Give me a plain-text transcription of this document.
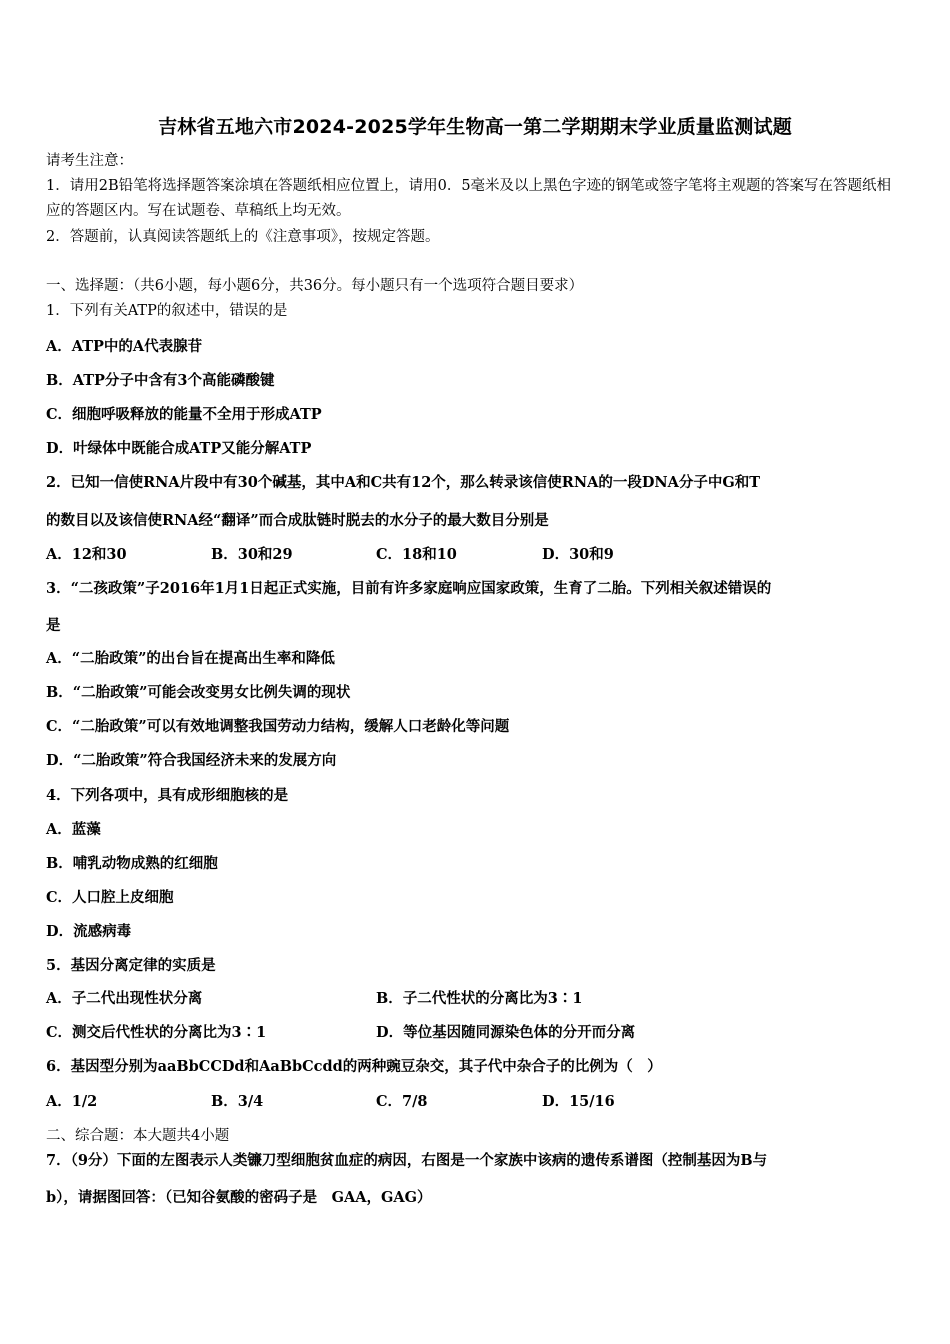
吉林省五地六市2024-2025学年生物高一第二学期期末学业质量监测试题
请考生注意：
1．请用2B铅笔将选择题答案涂填在答题纸相应位置上，请用0．5毫米及以上黑色字迹的钢笔或签字笔将主观题的答案写在答题纸相应的答题区内。写在试题卷、草稿纸上均无效。
2．答题前，认真阅读答题纸上的《注意事项》，按规定答题。
一、选择题：（共6小题，每小题6分，共36分。每小题只有一个选项符合题目要求）
1．下列有关ATP的叙述中，错误的是
A．ATP中的A代表腺苷
B．ATP分子中含有3个高能磷酸键
C．细胞呼吸释放的能量不全用于形成ATP
D．叶绿体中既能合成ATP又能分解ATP
2．已知一信使RNA片段中有30个碱基，其中A和C共有12个，那么转录该信使RNA的一段DNA分子中G和T
的数目以及该信使RNA经“翻译”而合成肽链时脱去的水分子的最大数目分别是
A．12和30	B．30和29	C．18和10	D．30和9
3．“二孩政策”子2016年1月1日起正式实施，目前有许多家庭响应国家政策，生育了二胎。下列相关叙述错误的
是
A．“二胎政策”的出台旨在提高出生率和降低
B．“二胎政策”可能会改变男女比例失调的现状
C．“二胎政策”可以有效地调整我国劳动力结构，缓解人口老龄化等问题
D．“二胎政策”符合我国经济未来的发展方向
4．下列各项中，具有成形细胞核的是
A．蓝藻
B．哺乳动物成熟的红细胞
C．人口腔上皮细胞
D．流感病毒
5．基因分离定律的实质是
A．子二代出现性状分离	B．子二代性状的分离比为3∶1
C．测交后代性状的分离比为3∶1	D．等位基因随同源染色体的分开而分离
6．基因型分别为aaBbCCDd和AaBbCcdd的两种豌豆杂交，其子代中杂合子的比例为（　）
A．1/2	B．3/4	C．7/8	D．15/16
二、综合题：本大题共4小题
7．（9分）下面的左图表示人类镰刀型细胞贫血症的病因，右图是一个家族中该病的遗传系谱图（控制基因为B与
b），请据图回答：（已知谷氨酸的密码子是　GAA，GAG）
